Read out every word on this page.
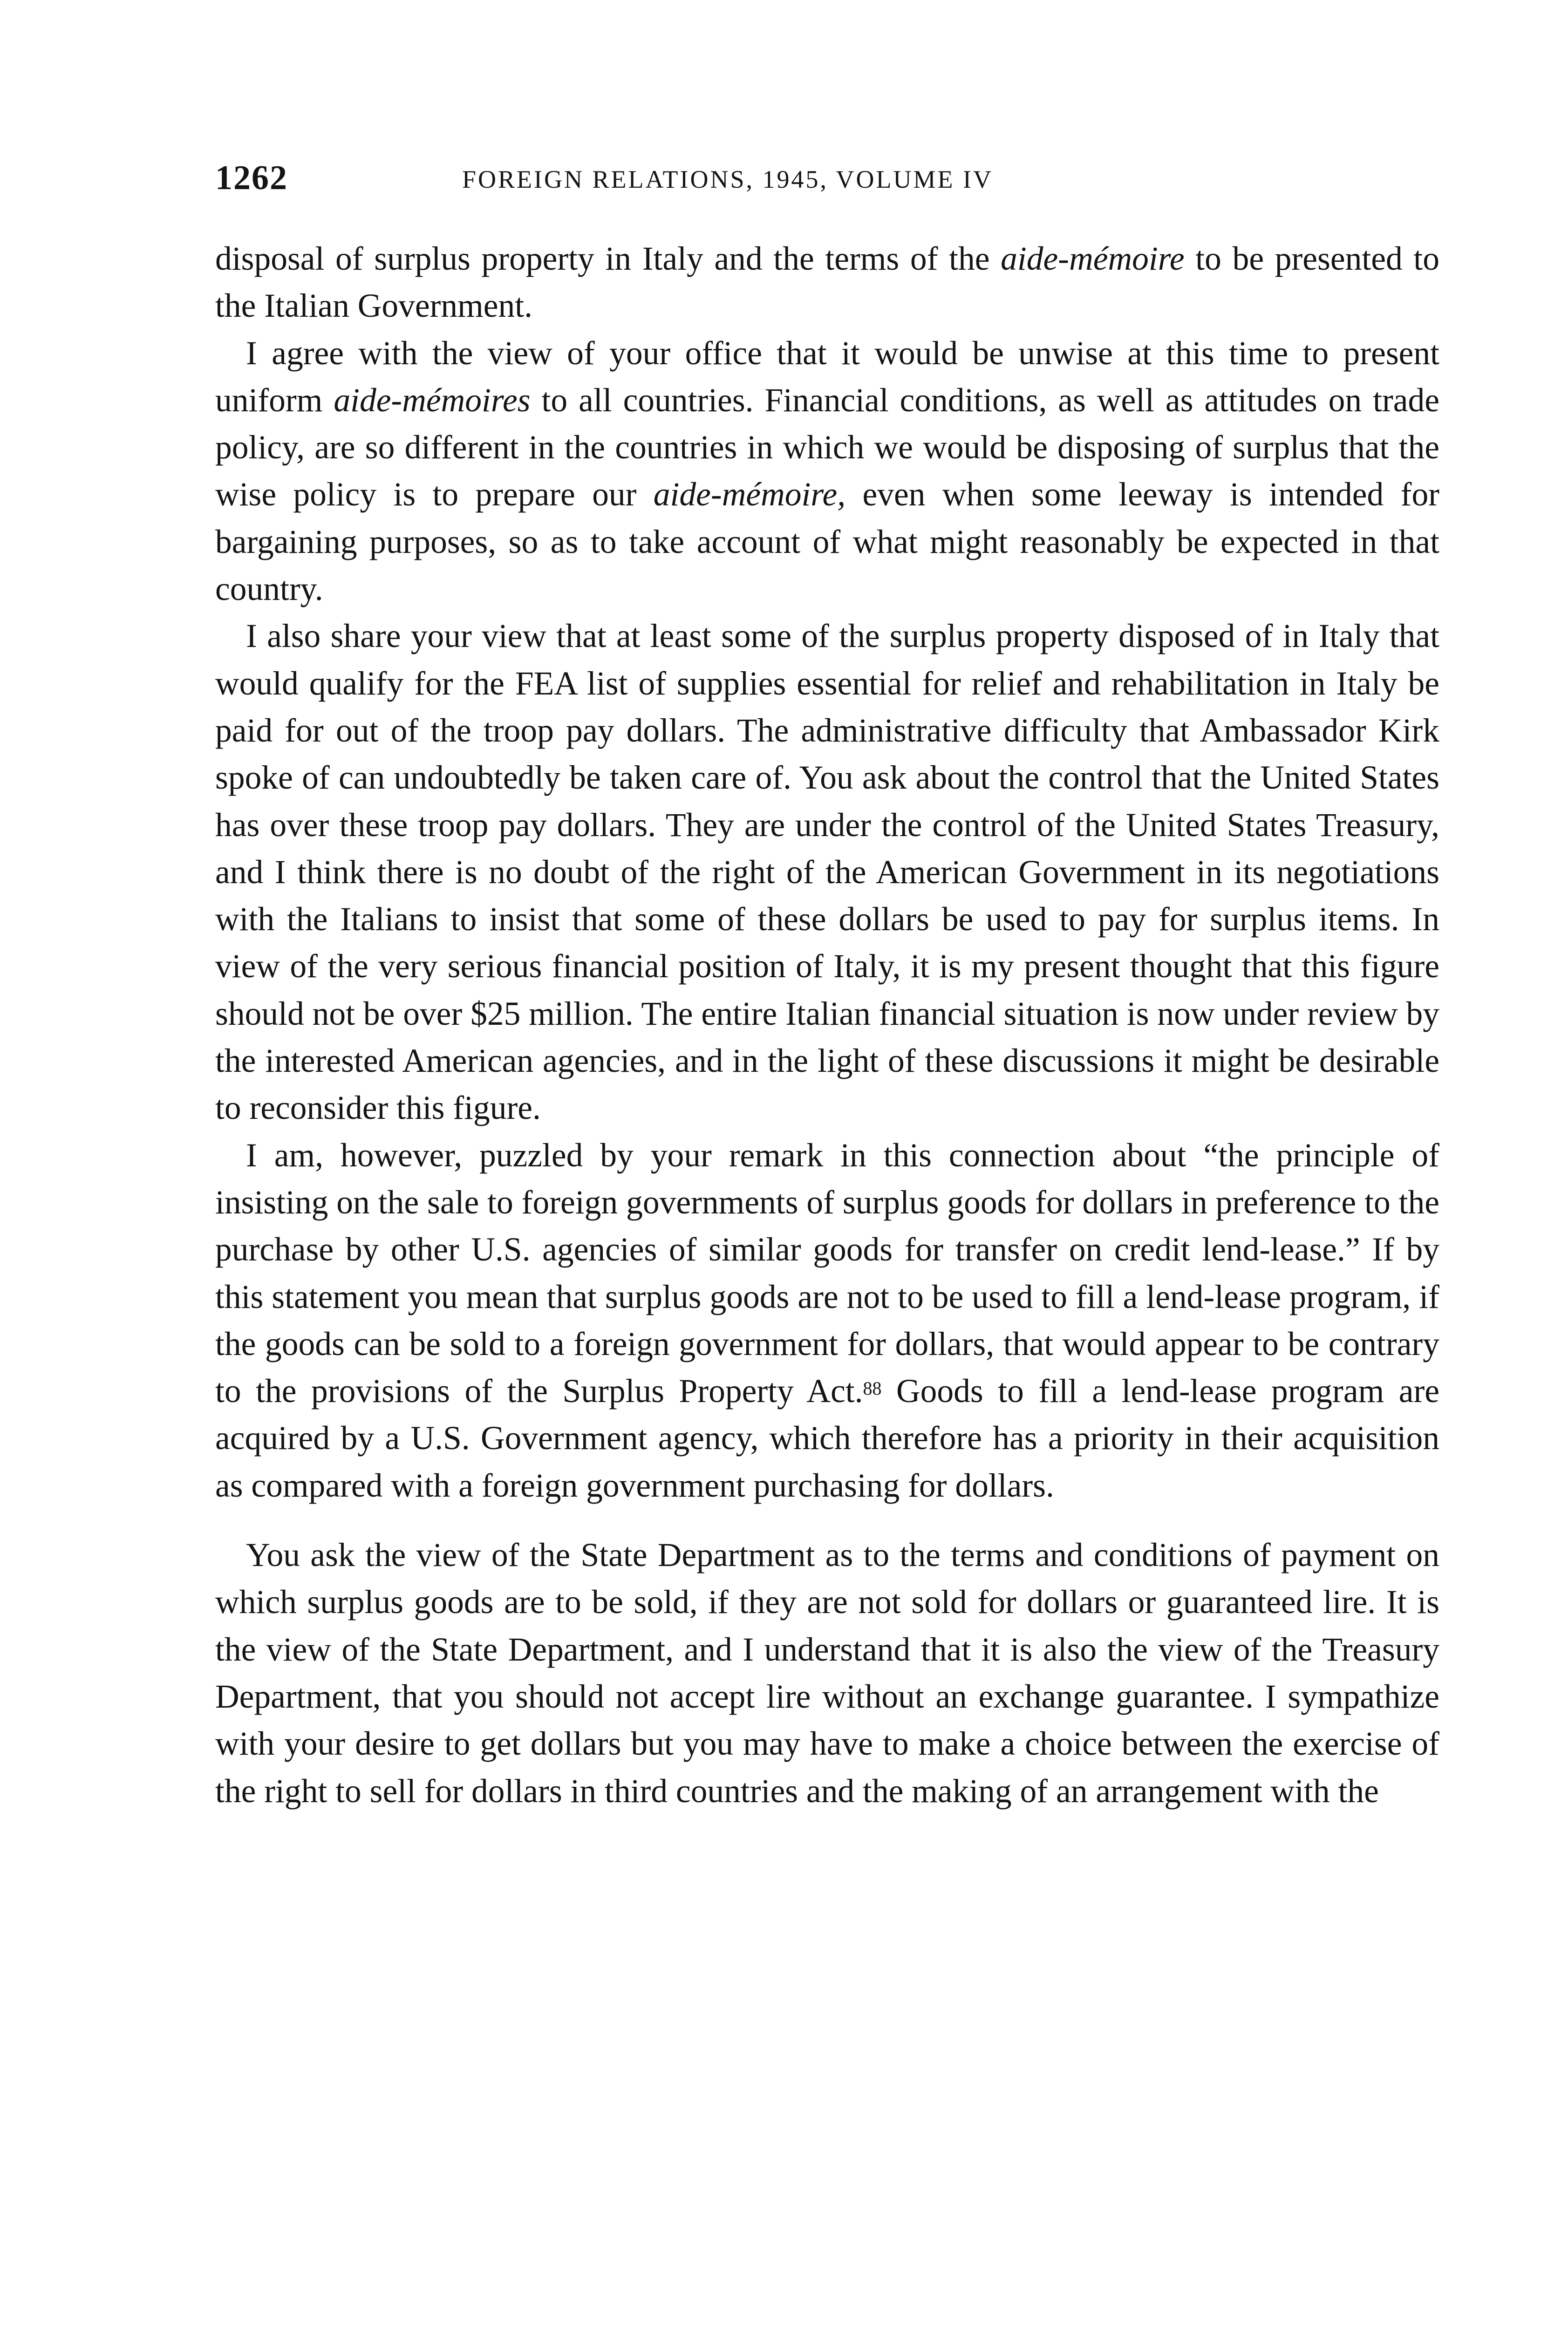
1262	FOREIGN RELATIONS, 1945, VOLUME IV

disposal of surplus property in Italy and the terms of the aide-mémoire to be presented to the Italian Government.

I agree with the view of your office that it would be unwise at this time to present uniform aide-mémoires to all countries. Financial conditions, as well as attitudes on trade policy, are so different in the countries in which we would be disposing of surplus that the wise policy is to prepare our aide-mémoire, even when some leeway is intended for bargaining purposes, so as to take account of what might reasonably be expected in that country.

I also share your view that at least some of the surplus property disposed of in Italy that would qualify for the FEA list of supplies essential for relief and rehabilitation in Italy be paid for out of the troop pay dollars. The administrative difficulty that Ambassador Kirk spoke of can undoubtedly be taken care of. You ask about the control that the United States has over these troop pay dollars. They are under the control of the United States Treasury, and I think there is no doubt of the right of the American Government in its negotiations with the Italians to insist that some of these dollars be used to pay for surplus items. In view of the very serious financial position of Italy, it is my present thought that this figure should not be over $25 million. The entire Italian financial situation is now under review by the interested American agencies, and in the light of these discussions it might be desirable to reconsider this figure.

I am, however, puzzled by your remark in this connection about “the principle of insisting on the sale to foreign governments of surplus goods for dollars in preference to the purchase by other U.S. agencies of similar goods for transfer on credit lend-lease.” If by this statement you mean that surplus goods are not to be used to fill a lend-lease program, if the goods can be sold to a foreign government for dollars, that would appear to be contrary to the provisions of the Surplus Property Act.$^{88}$ Goods to fill a lend-lease program are acquired by a U.S. Government agency, which therefore has a priority in their acquisition as compared with a foreign government purchasing for dollars.

You ask the view of the State Department as to the terms and conditions of payment on which surplus goods are to be sold, if they are not sold for dollars or guaranteed lire. It is the view of the State Department, and I understand that it is also the view of the Treasury Department, that you should not accept lire without an exchange guarantee. I sympathize with your desire to get dollars but you may have to make a choice between the exercise of the right to sell for dollars in third countries and the making of an arrangement with the
